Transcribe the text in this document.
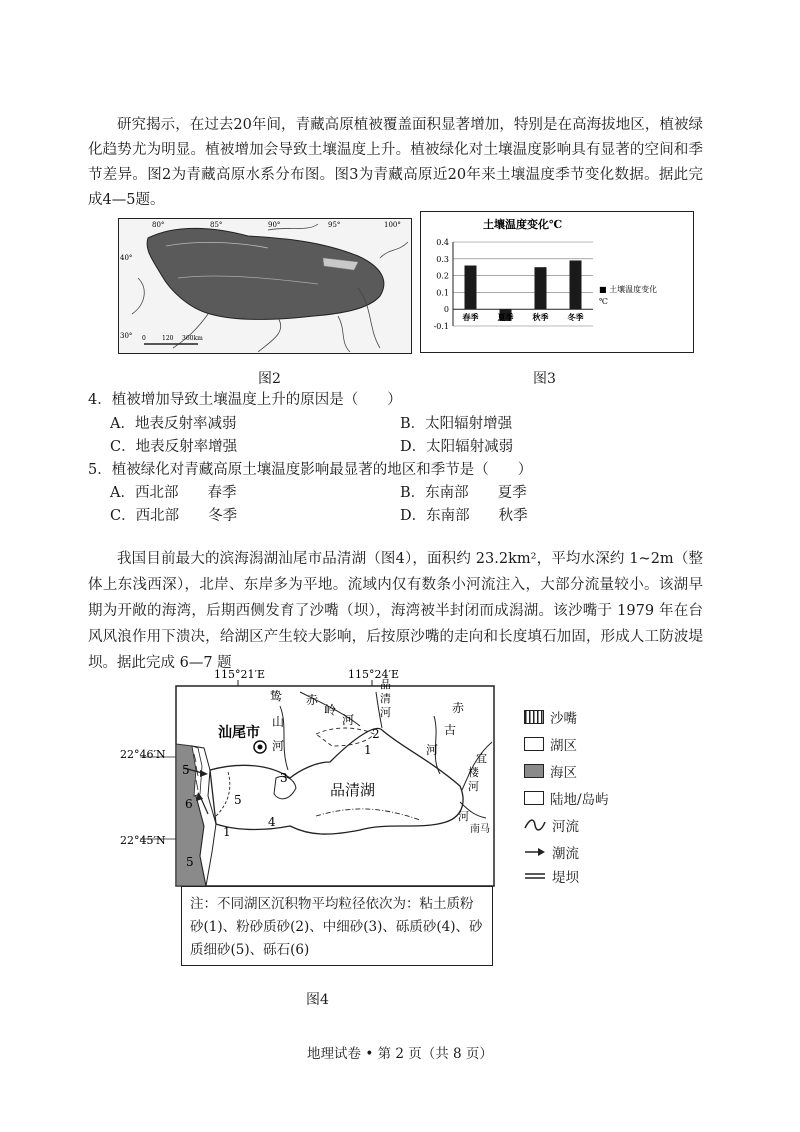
研究揭示，在过去20年间，青藏高原植被覆盖面积显著增加，特别是在高海拔地区，植被绿化趋势尤为明显。植被增加会导致土壤温度上升。植被绿化对土壤温度影响具有显著的空间和季节差异。图2为青藏高原水系分布图。图3为青藏高原近20年来土壤温度季节变化数据。据此完成4—5题。

80°	85°	90°	95°	100°
40°
30° 0	120 360km
图2
土壤温度变化℃
■ 土壤温度变化
℃
0.4
0.3
0.2
0.1
0
-0.1
春季 夏季 秋季 冬季
图3
4．植被增加导致土壤温度上升的原因是（　　）
A．地表反射率减弱	B．太阳辐射增强
C．地表反射率增强	D．太阳辐射减弱
5．植被绿化对青藏高原土壤温度影响最显著的地区和季节是（　　）
A．西北部　　春季	B．东南部　　夏季
C．西北部　　冬季	D．东南部　　秋季

我国目前最大的滨海潟湖汕尾市品清湖（图4），面积约 23.2km²，平均水深约 1~2m（整体上东浅西深），北岸、东岸多为平地。流域内仅有数条小河流注入，大部分流量较小。该湖早期为开敞的海湾，后期西侧发育了沙嘴（坝），海湾被半封闭而成潟湖。该沙嘴于 1979 年在台风风浪作用下溃决，给湖区产生较大影响，后按原沙嘴的走向和长度填石加固，形成人工防波堤坝。据此完成 6—7 题

115°21′E	115°24′E
22°46′N
22°45′N
汕尾市
品清湖
鸷
山
河
赤
岭
河
品
清
河	赤
古
河
宜
楼
河
河
南马
1
2
3
4
5
6
1
5
5
沙嘴
湖区
海区
陆地/岛屿
河流
潮流
堤坝
注：不同湖区沉积物平均粒径依次为：粘土质粉砂(1)、粉砂质砂(2)、中细砂(3)、砾质砂(4)、砂质细砂(5)、砾石(6)
图4
地理试卷 • 第 2 页（共 8 页）
